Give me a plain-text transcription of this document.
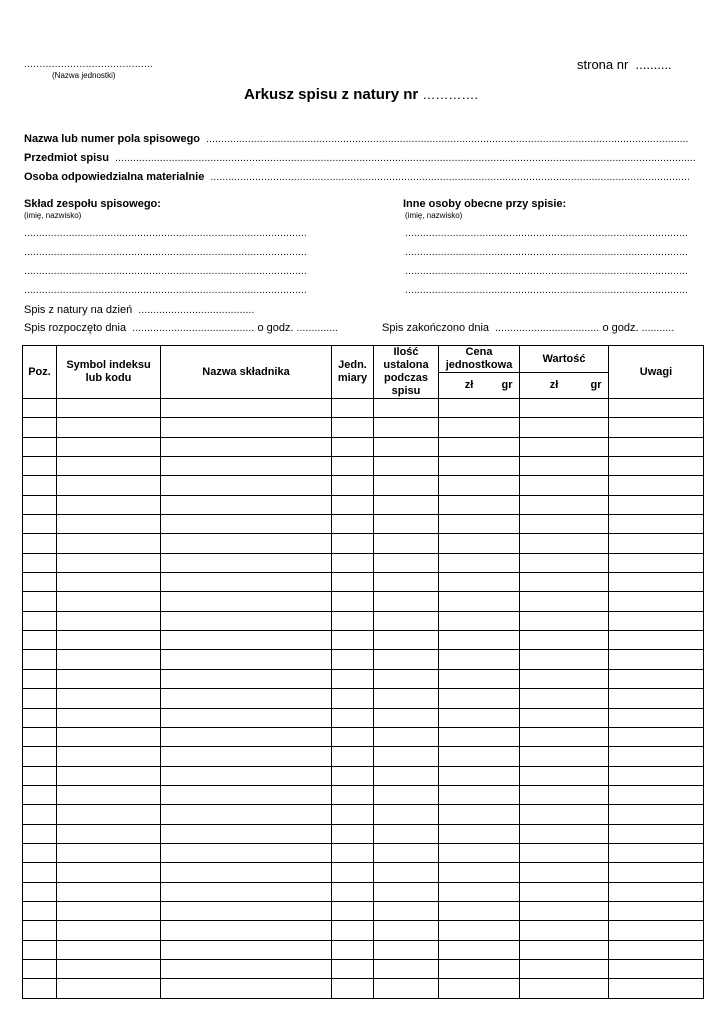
..........................................
(Nazwa jednostki)
strona nr ..........
Arkusz spisu z natury nr ………….
Nazwa lub numer pola spisowego ..................................................................................................................................................................
Przedmiot spisu ...................................................................................................................................................................................................
Osoba odpowiedzialna materialnie .................................................................................................................................................................
Skład zespołu spisowego:
(imię, nazwisko)
...............................................................................................
...............................................................................................
...............................................................................................
...............................................................................................
Inne osoby obecne przy spisie:
(imię, nazwisko)
...............................................................................................
...............................................................................................
...............................................................................................
...............................................................................................
Spis z natury na dzień .......................................
Spis rozpoczęto dnia ......................................... o godz. ..............	Spis zakończono dnia ................................... o godz. ...........
Poz.	Symbol indeksu lub kodu	Nazwa składnika	Jedn. miary	Ilość ustalona podczas spisu	Cena jednostkowa	Wartość	Uwagi
					zł gr	zł gr	
